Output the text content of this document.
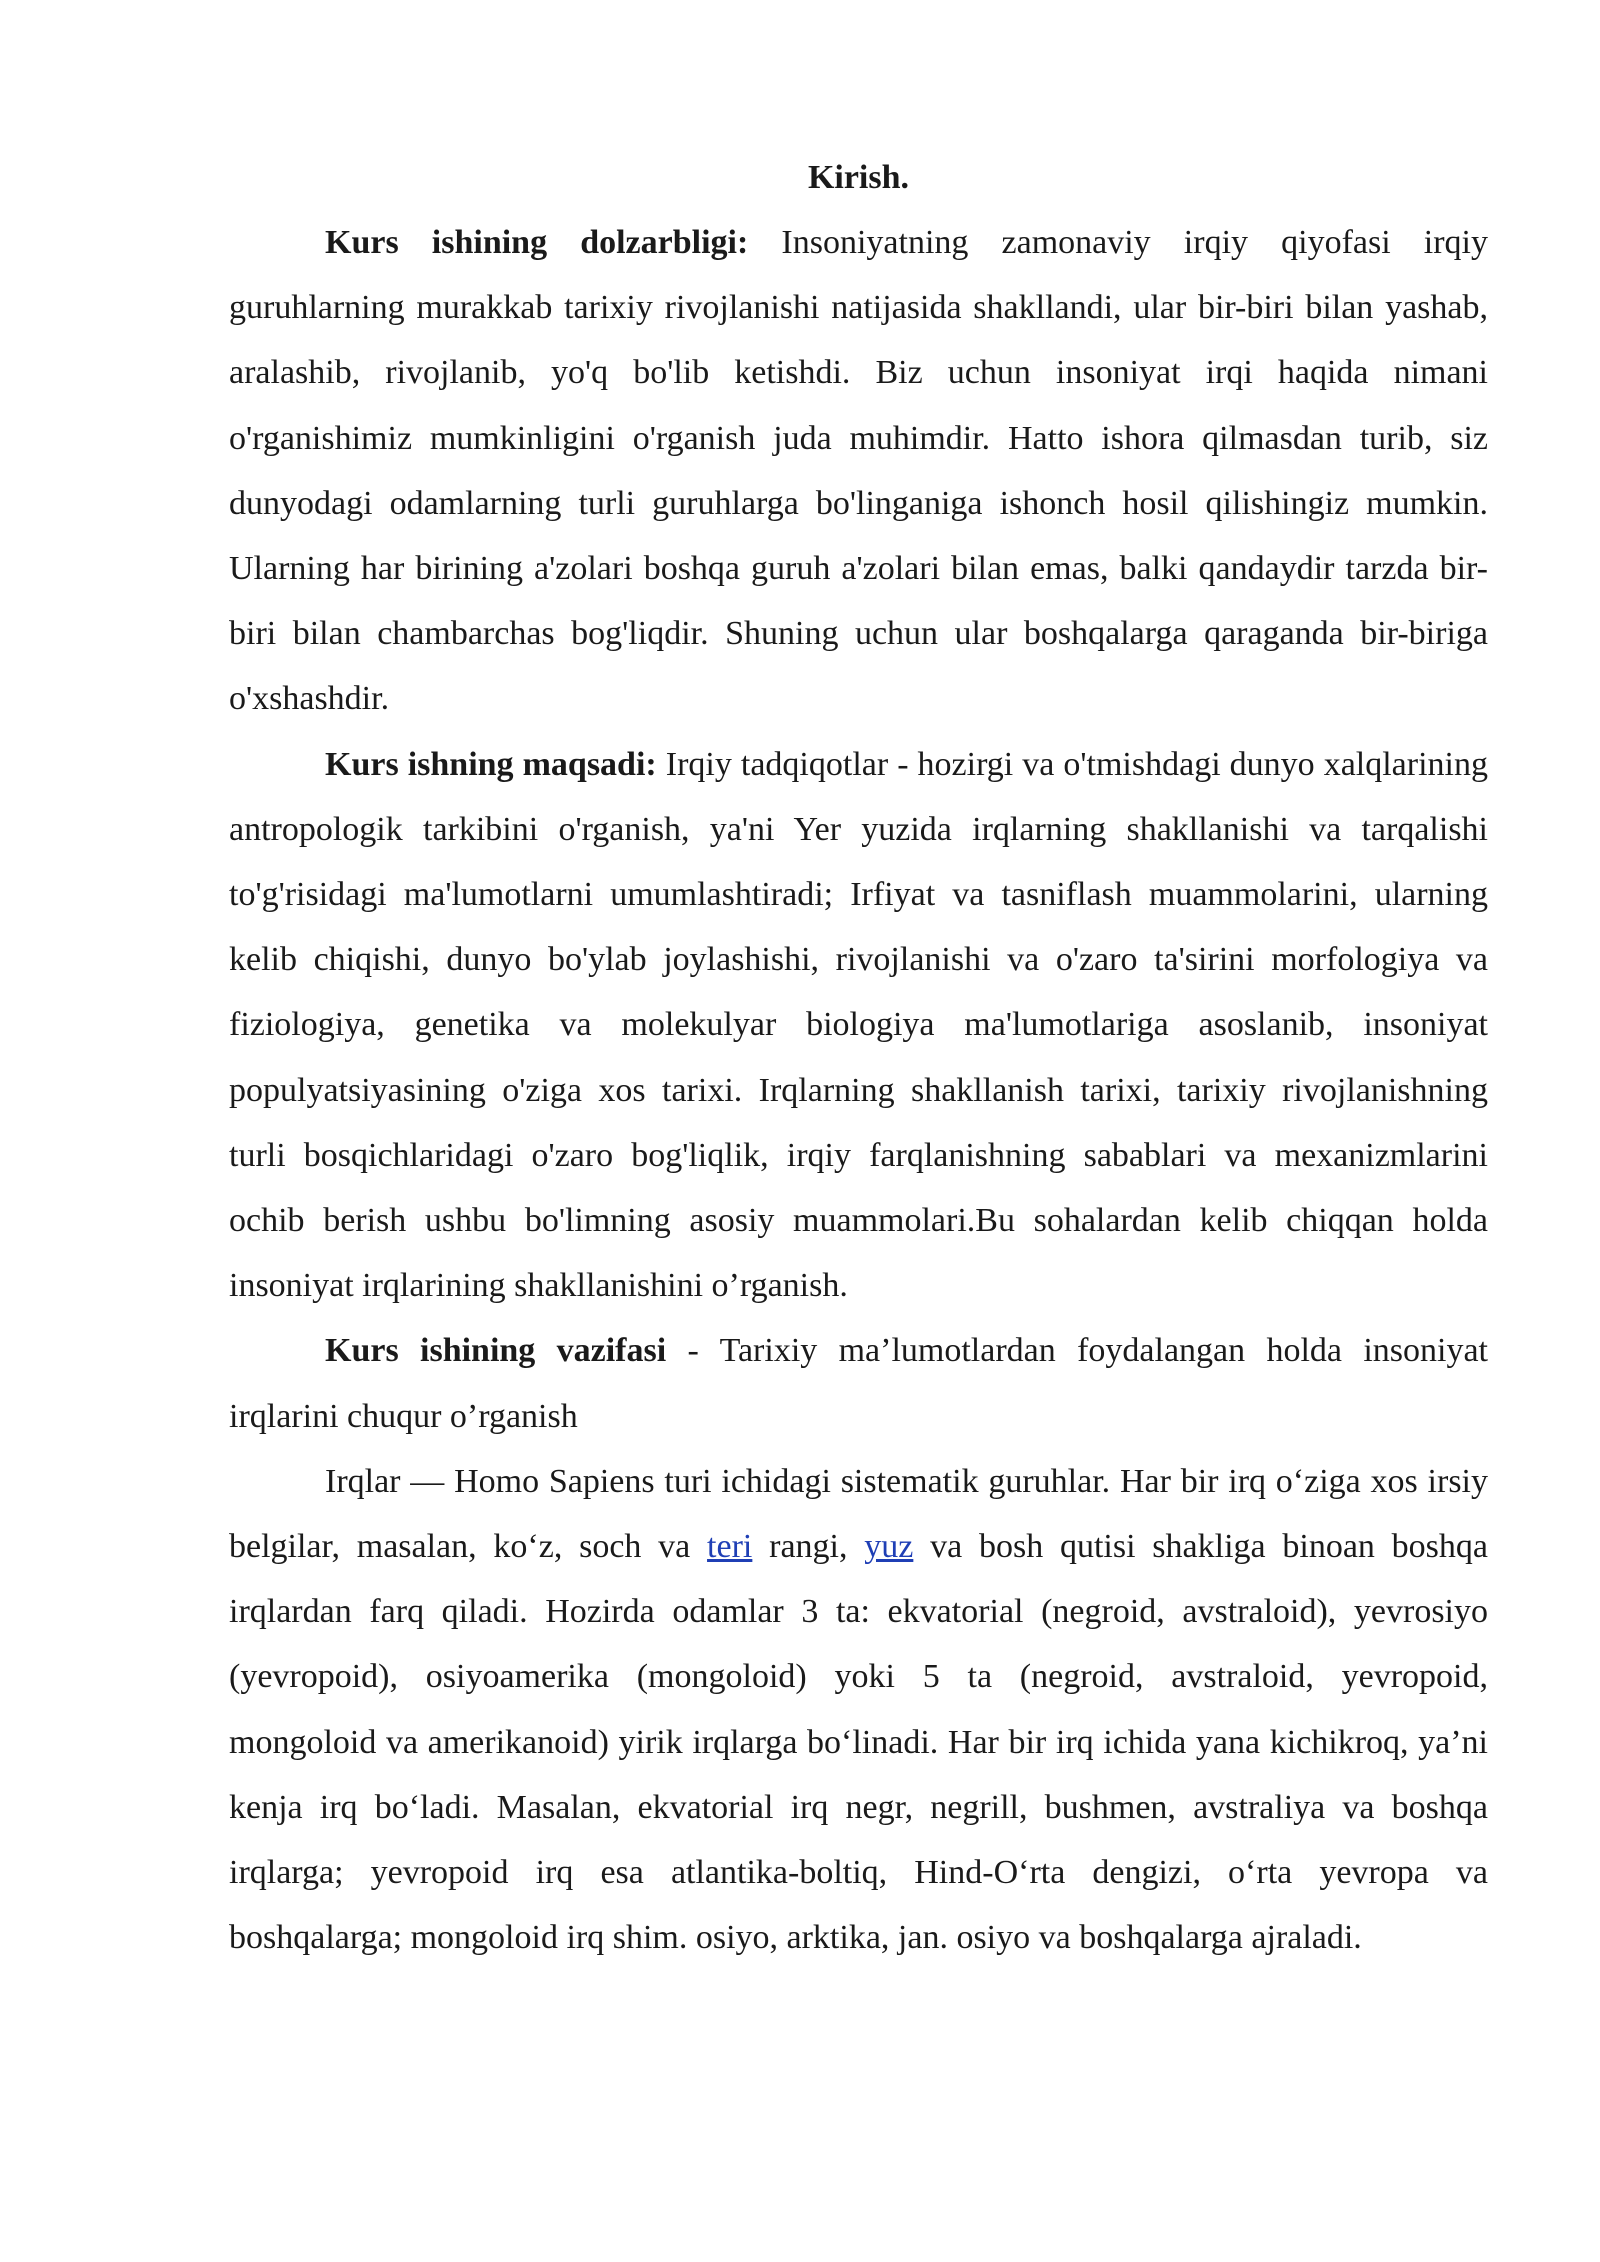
Kirish.

Kurs ishining dolzarbligi: Insoniyatning zamonaviy irqiy qiyofasi irqiy guruhlarning murakkab tarixiy rivojlanishi natijasida shakllandi, ular bir-biri bilan yashab, aralashib, rivojlanib, yo'q bo'lib ketishdi. Biz uchun insoniyat irqi haqida nimani o'rganishimiz mumkinligini o'rganish juda muhimdir. Hatto ishora qilmasdan turib, siz dunyodagi odamlarning turli guruhlarga bo'linganiga ishonch hosil qilishingiz mumkin. Ularning har birining a'zolari boshqa guruh a'zolari bilan emas, balki qandaydir tarzda bir-biri bilan chambarchas bog'liqdir. Shuning uchun ular boshqalarga qaraganda bir-biriga o'xshashdir.

Kurs ishning maqsadi: Irqiy tadqiqotlar - hozirgi va o'tmishdagi dunyo xalqlarining antropologik tarkibini o'rganish, ya'ni Yer yuzida irqlarning shakllanishi va tarqalishi to'g'risidagi ma'lumotlarni umumlashtiradi; Irfiyat va tasniflash muammolarini, ularning kelib chiqishi, dunyo bo'ylab joylashishi, rivojlanishi va o'zaro ta'sirini morfologiya va fiziologiya, genetika va molekulyar biologiya ma'lumotlariga asoslanib, insoniyat populyatsiyasining o'ziga xos tarixi. Irqlarning shakllanish tarixi, tarixiy rivojlanishning turli bosqichlaridagi o'zaro bog'liqlik, irqiy farqlanishning sabablari va mexanizmlarini ochib berish ushbu bo'limning asosiy muammolari.Bu sohalardan kelib chiqqan holda insoniyat irqlarining shakllanishini o’rganish.

Kurs ishining vazifasi - Tarixiy ma’lumotlardan foydalangan holda insoniyat irqlarini chuqur o’rganish

Irqlar — Homo Sapiens turi ichidagi sistematik guruhlar. Har bir irq o‘ziga xos irsiy belgilar, masalan, ko‘z, soch va teri rangi, yuz va bosh qutisi shakliga binoan boshqa irqlardan farq qiladi. Hozirda odamlar 3 ta: ekvatorial (negroid, avstraloid), yevrosiyo (yevropoid), osiyoamerika (mongoloid) yoki 5 ta (negroid, avstraloid, yevropoid, mongoloid va amerikanoid) yirik irqlarga bo‘linadi. Har bir irq ichida yana kichikroq, ya’ni kenja irq bo‘ladi. Masalan, ekvatorial irq negr, negrill, bushmen, avstraliya va boshqa irqlarga; yevropoid irq esa atlantika-boltiq, Hind-O‘rta dengizi, o‘rta yevropa va boshqalarga; mongoloid irq shim. osiyo, arktika, jan. osiyo va boshqalarga ajraladi.
